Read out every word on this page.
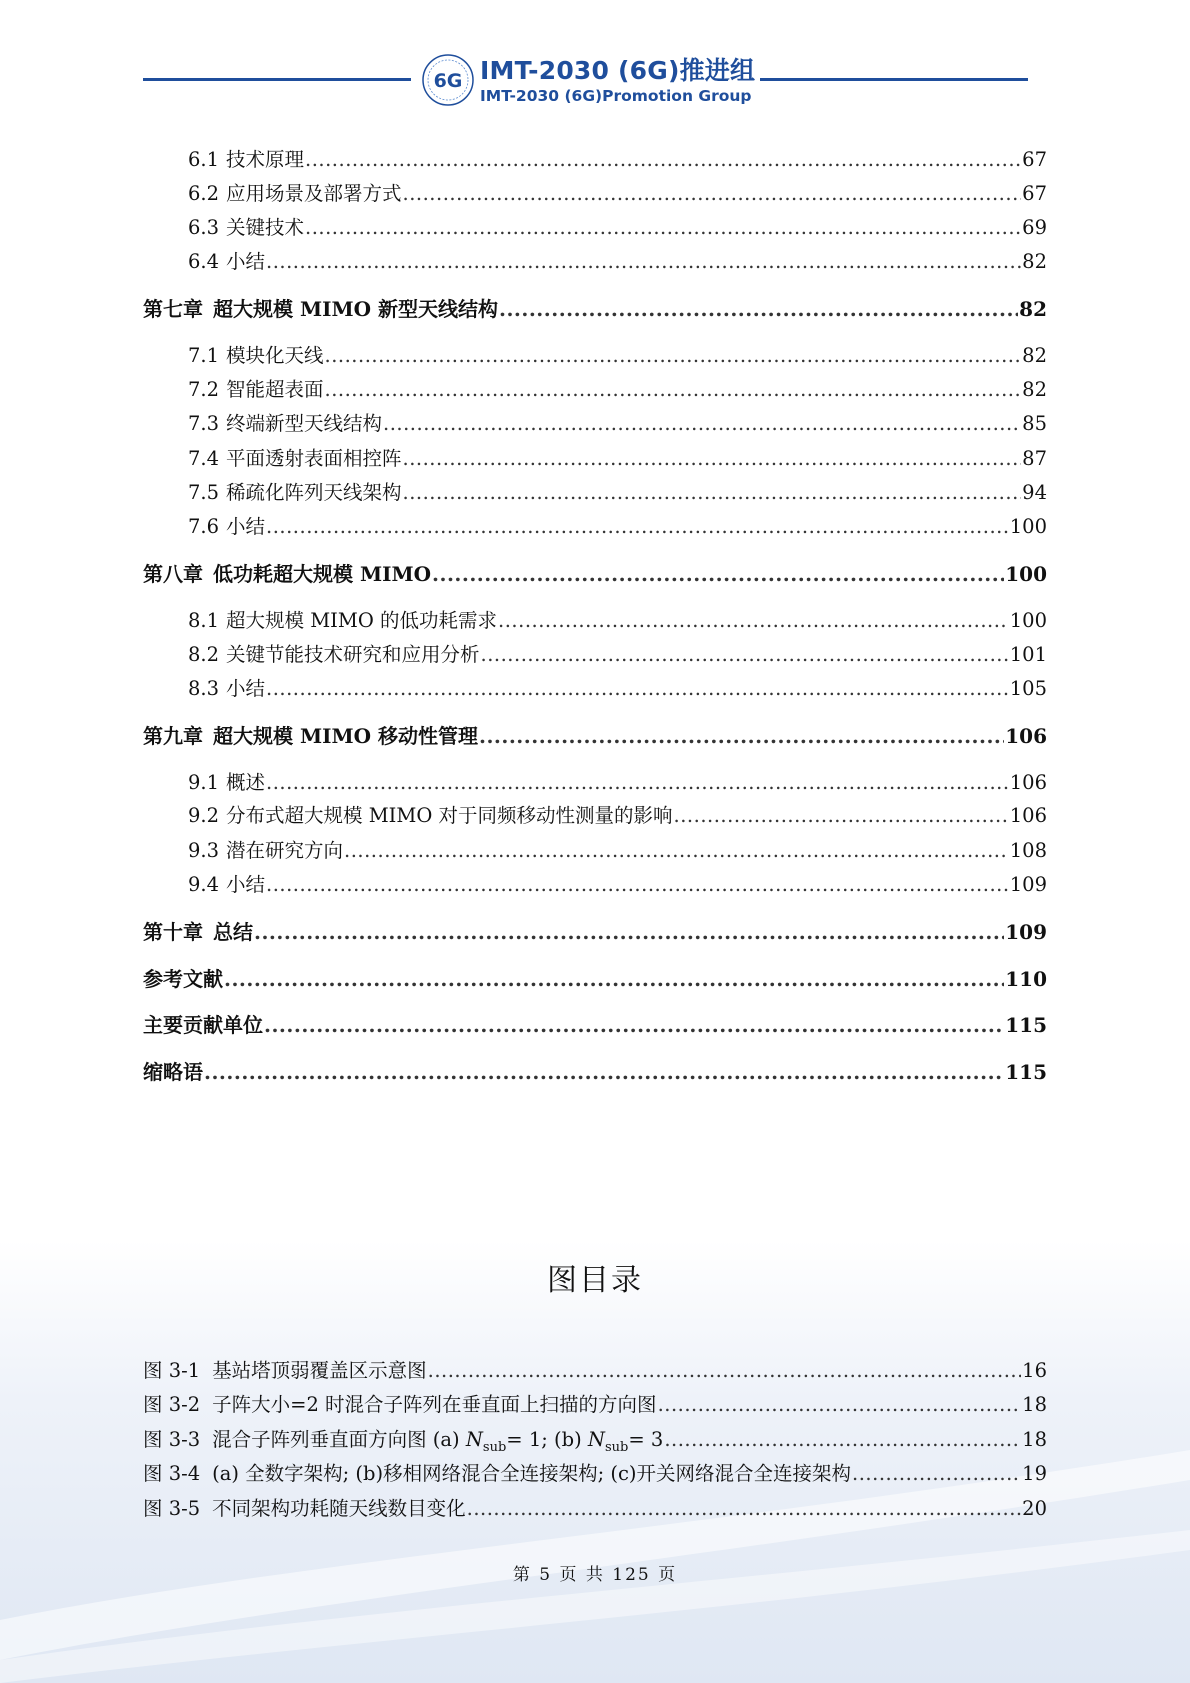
6G IMT-2030 (6G)推进组
IMT-2030 (6G)Promotion Group
6.1 技术原理 .....	67
6.2 应用场景及部署方式 .....	67
6.3 关键技术 .....	69
6.4 小结 .....	82
第七章 超大规模 MIMO 新型天线结构 .....	82
7.1 模块化天线 .....	82
7.2 智能超表面 .....	82
7.3 终端新型天线结构 .....	85
7.4 平面透射表面相控阵 .....	87
7.5 稀疏化阵列天线架构 .....	94
7.6 小结 .....	100
第八章 低功耗超大规模 MIMO .....	100
8.1 超大规模 MIMO 的低功耗需求 .....	100
8.2 关键节能技术研究和应用分析 .....	101
8.3 小结 .....	105
第九章 超大规模 MIMO 移动性管理 .....	106
9.1 概述 .....	106
9.2 分布式超大规模 MIMO 对于同频移动性测量的影响 .....	106
9.3 潜在研究方向 .....	108
9.4 小结 .....	109
第十章 总结 .....	109
参考文献 .....	110
主要贡献单位 .....	115
缩略语 .....	115
图 3-1 基站塔顶弱覆盖区示意图 .....	16
图 3-2 子阵大小=2 时混合子阵列在垂直面上扫描的方向图 .....	18
图 3-3 混合子阵列垂直面方向图 (a) $N_{sub}= 1$; (b) $N_{sub}= 3$ .....	18
图 3-4 (a) 全数字架构; (b)移相网络混合全连接架构; (c)开关网络混合全连接架构 .....	19
图 3-5 不同架构功耗随天线数目变化 .....	20
图目录
第 5 页 共 125 页
